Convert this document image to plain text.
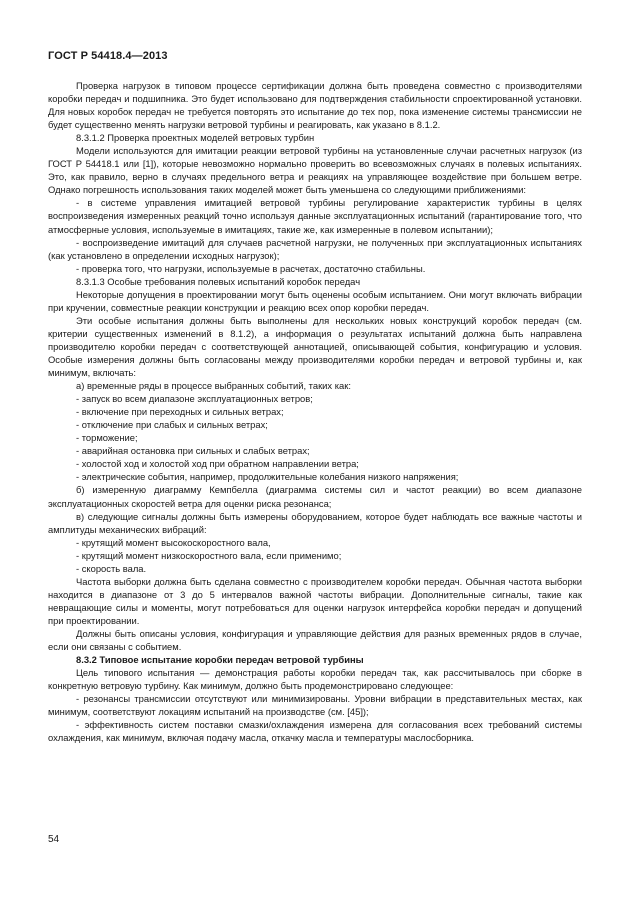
ГОСТ Р 54418.4—2013

Проверка нагрузок в типовом процессе сертификации должна быть проведена совместно с производителями коробки передач и подшипника. Это будет использовано для подтверждения стабильности спроектированной установки. Для новых коробок передач не требуется повторять это испытание до тех пор, пока изменение системы трансмиссии не будет существенно менять нагрузки ветровой турбины и реагировать, как указано в 8.1.2.

8.3.1.2 Проверка проектных моделей ветровых турбин

Модели используются для имитации реакции ветровой турбины на установленные случаи расчетных нагрузок (из ГОСТ Р 54418.1 или [1]), которые невозможно нормально проверить во всевозможных случаях в полевых испытаниях. Это, как правило, верно в случаях предельного ветра и реакциях на управляющее воздействие при большем ветре. Однако погрешность использования таких моделей может быть уменьшена со следующими приближениями:

- в системе управления имитацией ветровой турбины регулирование характеристик турбины в целях воспроизведения измеренных реакций точно используя данные эксплуатационных испытаний (гарантирование того, что атмосферные условия, используемые в имитациях, такие же, как измеренные в полевом испытании);

- воспроизведение имитаций для случаев расчетной нагрузки, не полученных при эксплуатационных испытаниях (как установлено в определении исходных нагрузок);

- проверка того, что нагрузки, используемые в расчетах, достаточно стабильны.

8.3.1.3 Особые требования полевых испытаний коробок передач

Некоторые допущения в проектировании могут быть оценены особым испытанием. Они могут включать вибрации при кручении, совместные реакции конструкции и реакцию всех опор коробки передач.

Эти особые испытания должны быть выполнены для нескольких новых конструкций коробок передач (см. критерии существенных изменений в 8.1.2), а информация о результатах испытаний должна быть направлена производителю коробки передач с соответствующей аннотацией, описывающей события, конфигурацию и условия. Особые измерения должны быть согласованы между производителями коробки передач и ветровой турбины и, как минимум, включать:

а) временные ряды в процессе выбранных событий, таких как:

- запуск во всем диапазоне эксплуатационных ветров;

- включение при переходных и сильных ветрах;

- отключение при слабых и сильных ветрах;

- торможение;

- аварийная остановка при сильных и слабых ветрах;

- холостой ход и холостой ход при обратном направлении ветра;

- электрические события, например, продолжительные колебания низкого напряжения;

б) измеренную диаграмму Кемпбелла (диаграмма системы сил и частот реакции) во всем диапазоне эксплуатационных скоростей ветра для оценки риска резонанса;

в) следующие сигналы должны быть измерены оборудованием, которое будет наблюдать все важные частоты и амплитуды механических вибраций:

- крутящий момент высокоскоростного вала,

- крутящий момент низкоскоростного вала, если применимо;

- скорость вала.

Частота выборки должна быть сделана совместно с производителем коробки передач. Обычная частота выборки находится в диапазоне от 3 до 5 интервалов важной частоты вибрации. Дополнительные сигналы, такие как невращающие силы и моменты, могут потребоваться для оценки нагрузок интерфейса коробки передач и допущений при проектировании.

Должны быть описаны условия, конфигурация и управляющие действия для разных временных рядов в случае, если они связаны с событием.

8.3.2 Типовое испытание коробки передач ветровой турбины

Цель типового испытания — демонстрация работы коробки передач так, как рассчитывалось при сборке в конкретную ветровую турбину. Как минимум, должно быть продемонстрировано следующее:

- резонансы трансмиссии отсутствуют или минимизированы. Уровни вибрации в представительных местах, как минимум, соответствуют локациям испытаний на производстве (см. [45]);

- эффективность систем поставки смазки/охлаждения измерена для согласования всех требований системы охлаждения, как минимум, включая подачу масла, откачку масла и температуры маслосборника.

54
